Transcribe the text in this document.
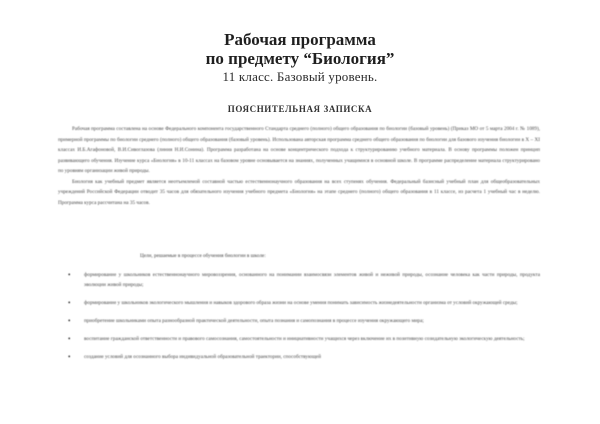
Рабочая программа
по предмету “Биология”
11 класс. Базовый уровень.
ПОЯСНИТЕЛЬНАЯ ЗАПИСКА

Рабочая программа составлена на основе Федерального компонента государственного Стандарта среднего (полного) общего образования по биологии (базовый уровень) (Приказ МО от 5 марта 2004 г. № 1089), примерной программы по биологии среднего (полного) общего образования (базовый уровень). Использована авторская программа среднего общего образования по биологии для базового изучения биологии в X – XI классах И.Б.Агафоновой, В.И.Сивоглазова (линия Н.И.Сонина). Программа разработана на основе концентрического подхода к структурированию учебного материала. В основу программы положен принцип развивающего обучения. Изучение курса «Биология» в 10-11 классах на базовом уровне основывается на знаниях, полученных учащимися в основной школе. В программе распределение материала структурировано по уровням организации живой природы.

Биология как учебный предмет является неотъемлемой составной частью естественнонаучного образования на всех ступенях обучения. Федеральный базисный учебный план для общеобразовательных учреждений Российской Федерации отводит 35 часов для обязательного изучения учебного предмета «Биология» на этапе среднего (полного) общего образования в 11 классе, из расчета 1 учебный час в неделю. Программа курса рассчитана на 35 часов.

Цели, решаемые в процессе обучения биологии в школе:
•	формирование у школьников естественнонаучного мировоззрения, основанного на понимании взаимосвязи элементов живой и неживой природы, осознание человека как части природы, продукта эволюции живой природы;
•	формирование у школьников экологического мышления и навыков здорового образа жизни на основе умения понимать зависимость жизнедеятельности организма от условий окружающей среды;
•	приобретение школьниками опыта разнообразной практической деятельности, опыта познания и самопознания в процессе изучения окружающего мира;
•	воспитание гражданской ответственности и правового самосознания, самостоятельности и инициативности учащихся через включение их в позитивную созидательную экологическую деятельность;
•	создание условий для осознанного выбора индивидуальной образовательной траектории, способствующей
